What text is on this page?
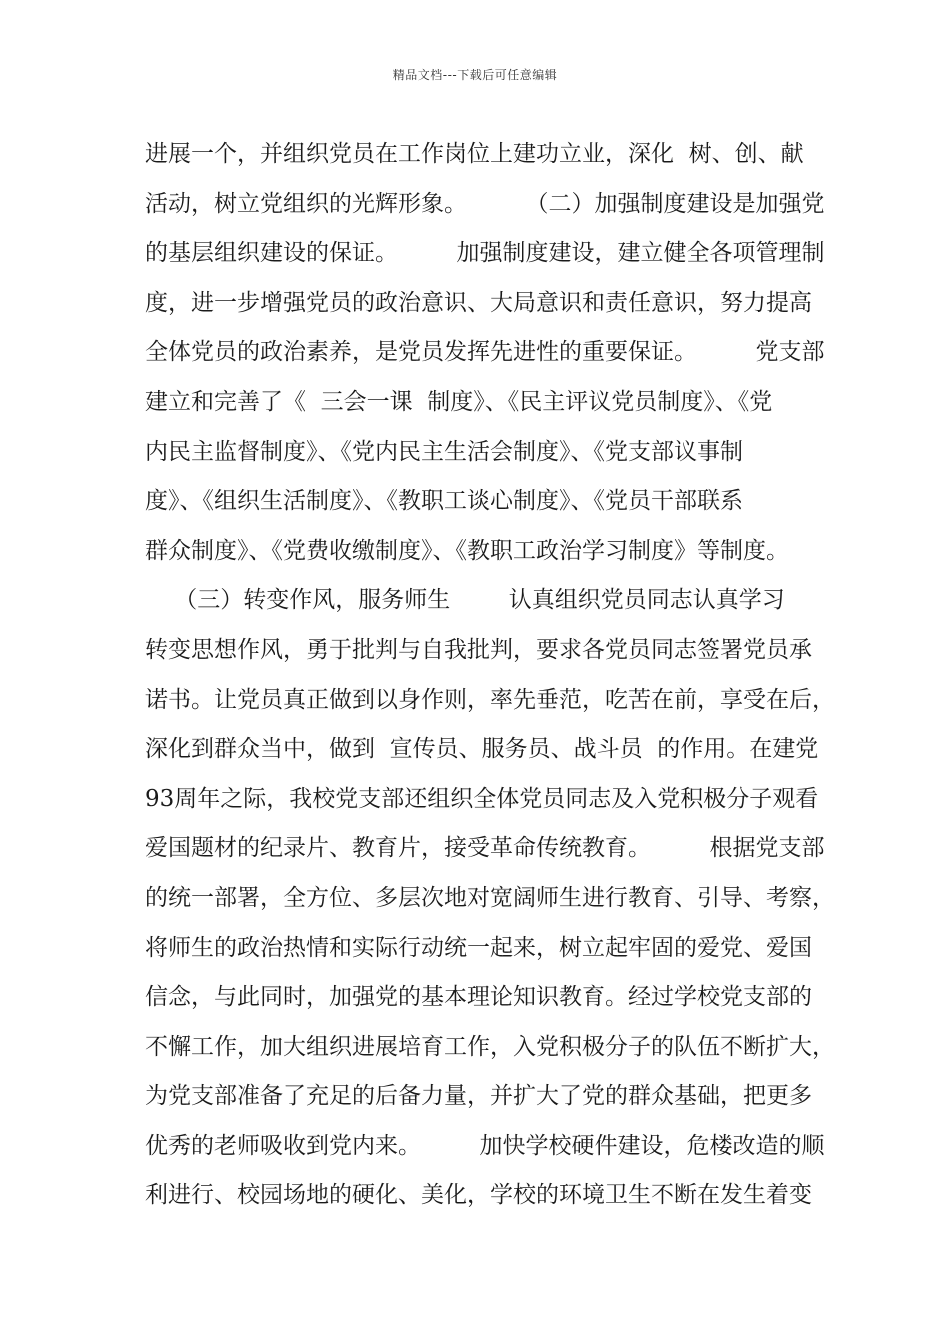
精品文档---下载后可任意编辑
进展一个，并组织党员在工作岗位上建功立业，深化  树、创、献
活动，树立党组织的光辉形象。        （二）加强制度建设是加强党
的基层组织建设的保证。        加强制度建设，建立健全各项管理制
度，进一步增强党员的政治意识、大局意识和责任意识，努力提高
全体党员的政治素养，是党员发挥先进性的重要保证。        党支部
建立和完善了《  三会一课  制度》、《民主评议党员制度》、《党
内民主监督制度》、《党内民主生活会制度》、《党支部议事制
度》、《组织生活制度》、《教职工谈心制度》、《党员干部联系
群众制度》、《党费收缴制度》、《教职工政治学习制度》等制度。
（三）转变作风，服务师生        认真组织党员同志认真学习
转变思想作风，勇于批判与自我批判，要求各党员同志签署党员承
诺书。让党员真正做到以身作则，率先垂范，吃苦在前，享受在后，
深化到群众当中，做到  宣传员、服务员、战斗员  的作用。在建党
93周年之际，我校党支部还组织全体党员同志及入党积极分子观看
爱国题材的纪录片、教育片，接受革命传统教育。        根据党支部
的统一部署，全方位、多层次地对宽阔师生进行教育、引导、考察，
将师生的政治热情和实际行动统一起来，树立起牢固的爱党、爱国
信念，与此同时，加强党的基本理论知识教育。经过学校党支部的
不懈工作，加大组织进展培育工作，入党积极分子的队伍不断扩大，
为党支部准备了充足的后备力量，并扩大了党的群众基础，把更多
优秀的老师吸收到党内来。        加快学校硬件建设，危楼改造的顺
利进行、校园场地的硬化、美化，学校的环境卫生不断在发生着变
